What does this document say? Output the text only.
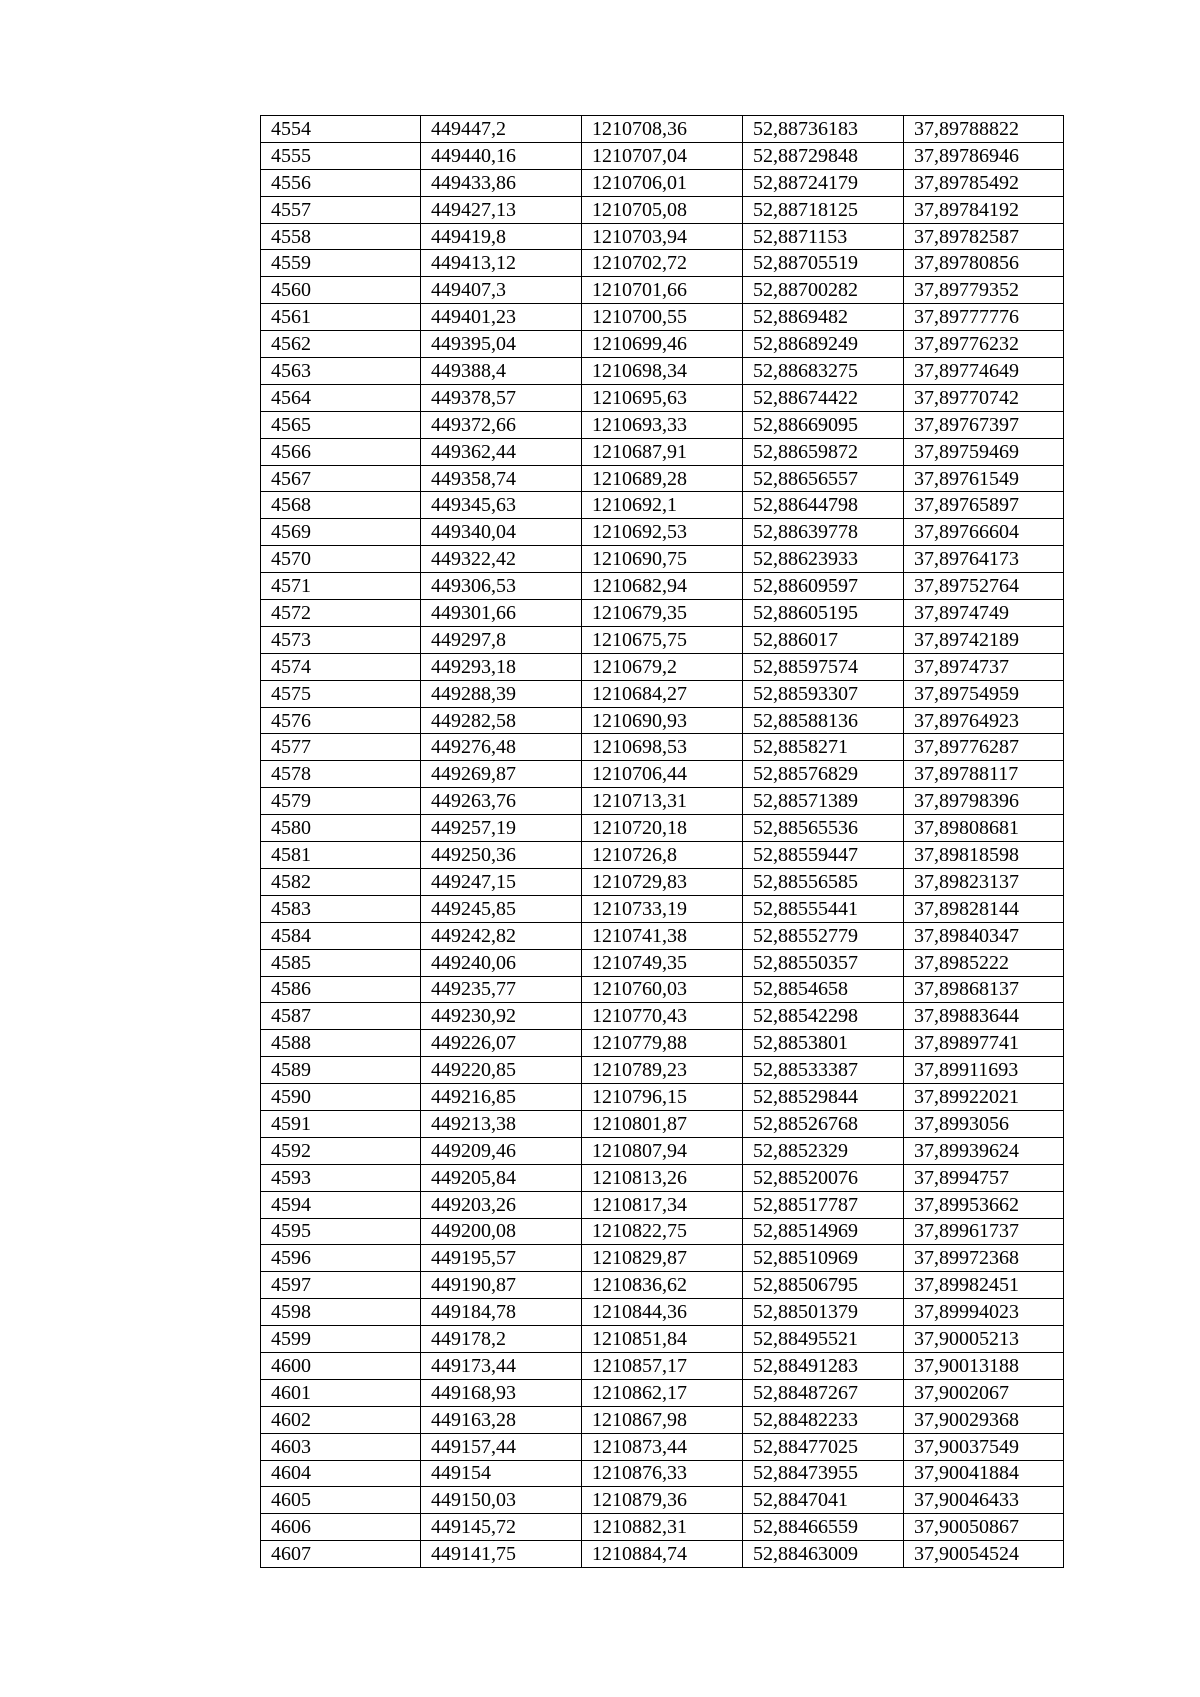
4554	449447,2	1210708,36	52,88736183	37,89788822
4555	449440,16	1210707,04	52,88729848	37,89786946
4556	449433,86	1210706,01	52,88724179	37,89785492
4557	449427,13	1210705,08	52,88718125	37,89784192
4558	449419,8	1210703,94	52,8871153	37,89782587
4559	449413,12	1210702,72	52,88705519	37,89780856
4560	449407,3	1210701,66	52,88700282	37,89779352
4561	449401,23	1210700,55	52,8869482	37,89777776
4562	449395,04	1210699,46	52,88689249	37,89776232
4563	449388,4	1210698,34	52,88683275	37,89774649
4564	449378,57	1210695,63	52,88674422	37,89770742
4565	449372,66	1210693,33	52,88669095	37,89767397
4566	449362,44	1210687,91	52,88659872	37,89759469
4567	449358,74	1210689,28	52,88656557	37,89761549
4568	449345,63	1210692,1	52,88644798	37,89765897
4569	449340,04	1210692,53	52,88639778	37,89766604
4570	449322,42	1210690,75	52,88623933	37,89764173
4571	449306,53	1210682,94	52,88609597	37,89752764
4572	449301,66	1210679,35	52,88605195	37,8974749
4573	449297,8	1210675,75	52,886017	37,89742189
4574	449293,18	1210679,2	52,88597574	37,8974737
4575	449288,39	1210684,27	52,88593307	37,89754959
4576	449282,58	1210690,93	52,88588136	37,89764923
4577	449276,48	1210698,53	52,8858271	37,89776287
4578	449269,87	1210706,44	52,88576829	37,89788117
4579	449263,76	1210713,31	52,88571389	37,89798396
4580	449257,19	1210720,18	52,88565536	37,89808681
4581	449250,36	1210726,8	52,88559447	37,89818598
4582	449247,15	1210729,83	52,88556585	37,89823137
4583	449245,85	1210733,19	52,88555441	37,89828144
4584	449242,82	1210741,38	52,88552779	37,89840347
4585	449240,06	1210749,35	52,88550357	37,8985222
4586	449235,77	1210760,03	52,8854658	37,89868137
4587	449230,92	1210770,43	52,88542298	37,89883644
4588	449226,07	1210779,88	52,8853801	37,89897741
4589	449220,85	1210789,23	52,88533387	37,89911693
4590	449216,85	1210796,15	52,88529844	37,89922021
4591	449213,38	1210801,87	52,88526768	37,8993056
4592	449209,46	1210807,94	52,8852329	37,89939624
4593	449205,84	1210813,26	52,88520076	37,8994757
4594	449203,26	1210817,34	52,88517787	37,89953662
4595	449200,08	1210822,75	52,88514969	37,89961737
4596	449195,57	1210829,87	52,88510969	37,89972368
4597	449190,87	1210836,62	52,88506795	37,89982451
4598	449184,78	1210844,36	52,88501379	37,89994023
4599	449178,2	1210851,84	52,88495521	37,90005213
4600	449173,44	1210857,17	52,88491283	37,90013188
4601	449168,93	1210862,17	52,88487267	37,9002067
4602	449163,28	1210867,98	52,88482233	37,90029368
4603	449157,44	1210873,44	52,88477025	37,90037549
4604	449154	1210876,33	52,88473955	37,90041884
4605	449150,03	1210879,36	52,8847041	37,90046433
4606	449145,72	1210882,31	52,88466559	37,90050867
4607	449141,75	1210884,74	52,88463009	37,90054524
